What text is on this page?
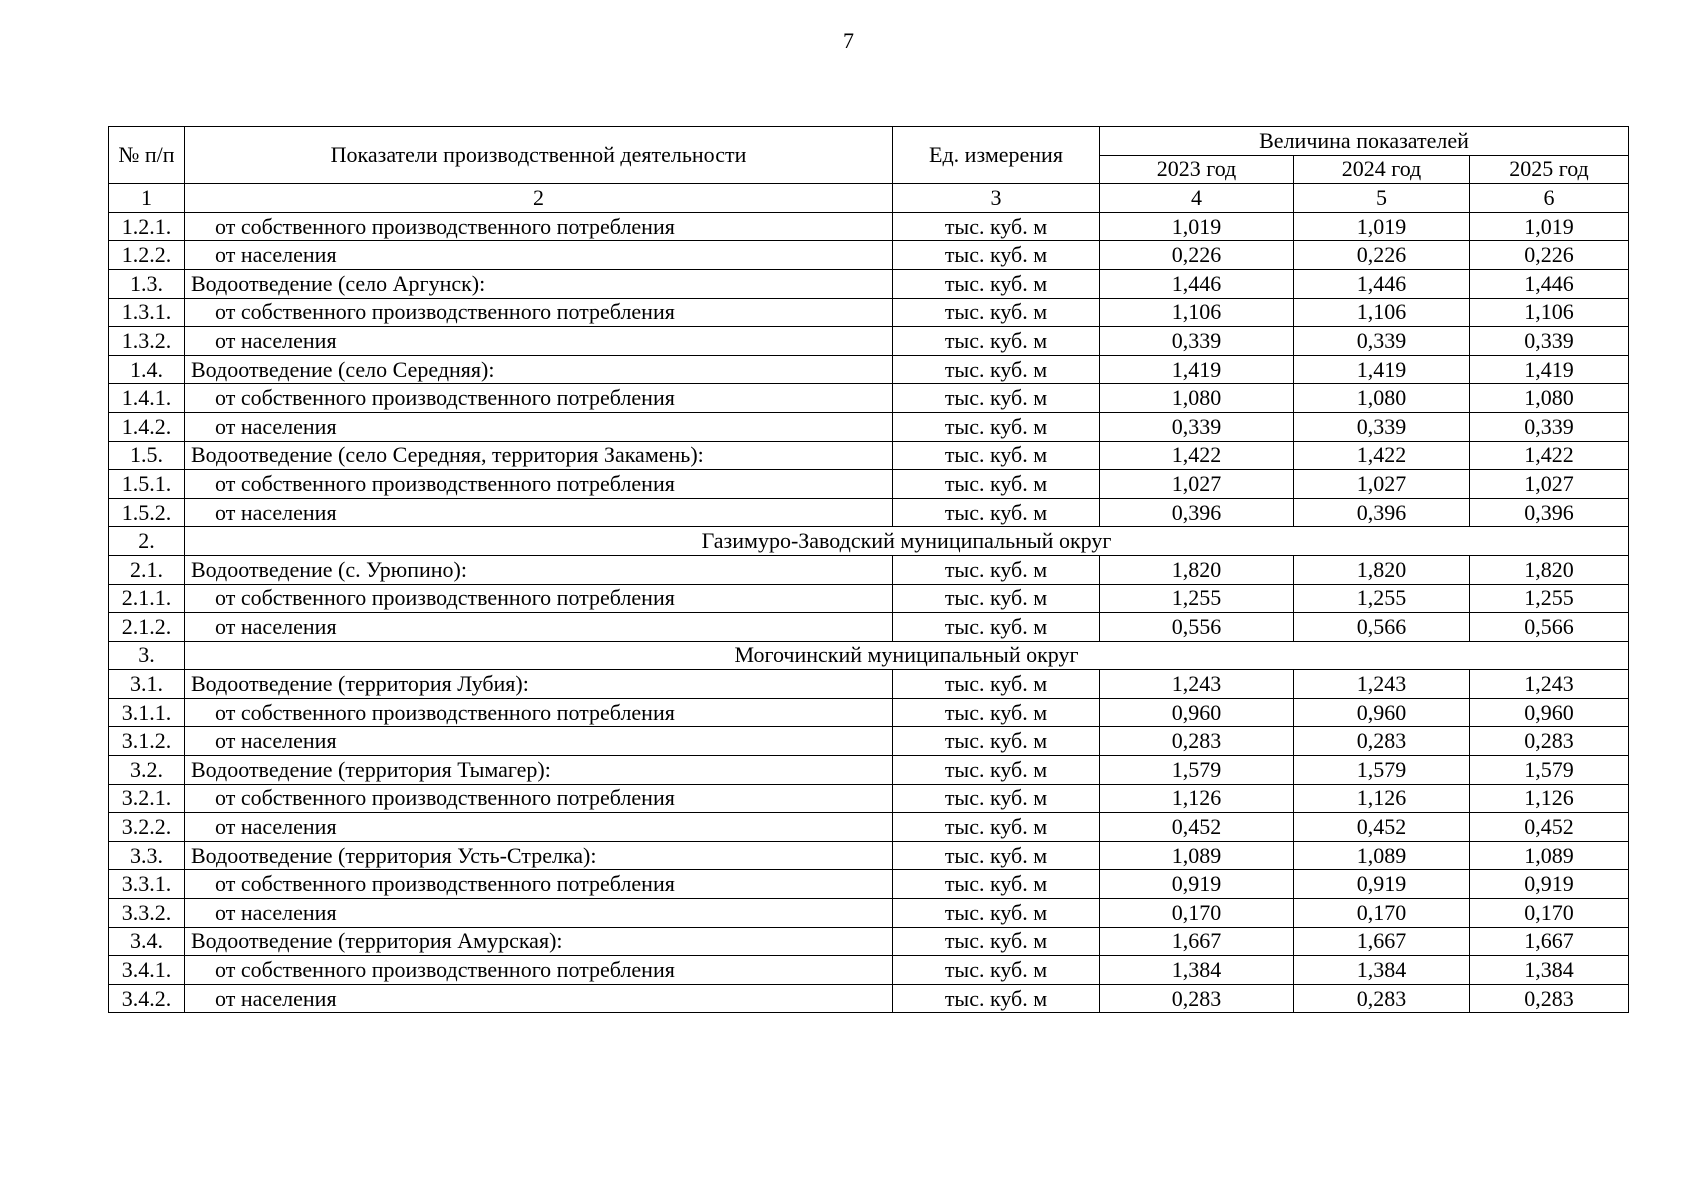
7
№ п/п	Показатели производственной деятельности	Ед. измерения	Величина показателей		
			2023 год	2024 год	2025 год
1	2	3	4	5	6
1.2.1.	от собственного производственного потребления	тыс. куб. м	1,019	1,019	1,019
1.2.2.	от населения	тыс. куб. м	0,226	0,226	0,226
1.3.	Водоотведение (село Аргунск):	тыс. куб. м	1,446	1,446	1,446
1.3.1.	от собственного производственного потребления	тыс. куб. м	1,106	1,106	1,106
1.3.2.	от населения	тыс. куб. м	0,339	0,339	0,339
1.4.	Водоотведение (село Середняя):	тыс. куб. м	1,419	1,419	1,419
1.4.1.	от собственного производственного потребления	тыс. куб. м	1,080	1,080	1,080
1.4.2.	от населения	тыс. куб. м	0,339	0,339	0,339
1.5.	Водоотведение (село Середняя, территория Закамень):	тыс. куб. м	1,422	1,422	1,422
1.5.1.	от собственного производственного потребления	тыс. куб. м	1,027	1,027	1,027
1.5.2.	от населения	тыс. куб. м	0,396	0,396	0,396
2.	Газимуро-Заводский муниципальный округ				
2.1.	Водоотведение (с. Урюпино):	тыс. куб. м	1,820	1,820	1,820
2.1.1.	от собственного производственного потребления	тыс. куб. м	1,255	1,255	1,255
2.1.2.	от населения	тыс. куб. м	0,556	0,566	0,566
3.	Могочинский муниципальный округ				
3.1.	Водоотведение (территория Лубия):	тыс. куб. м	1,243	1,243	1,243
3.1.1.	от собственного производственного потребления	тыс. куб. м	0,960	0,960	0,960
3.1.2.	от населения	тыс. куб. м	0,283	0,283	0,283
3.2.	Водоотведение (территория Тымагер):	тыс. куб. м	1,579	1,579	1,579
3.2.1.	от собственного производственного потребления	тыс. куб. м	1,126	1,126	1,126
3.2.2.	от населения	тыс. куб. м	0,452	0,452	0,452
3.3.	Водоотведение (территория Усть-Стрелка):	тыс. куб. м	1,089	1,089	1,089
3.3.1.	от собственного производственного потребления	тыс. куб. м	0,919	0,919	0,919
3.3.2.	от населения	тыс. куб. м	0,170	0,170	0,170
3.4.	Водоотведение (территория Амурская):	тыс. куб. м	1,667	1,667	1,667
3.4.1.	от собственного производственного потребления	тыс. куб. м	1,384	1,384	1,384
3.4.2.	от населения	тыс. куб. м	0,283	0,283	0,283
